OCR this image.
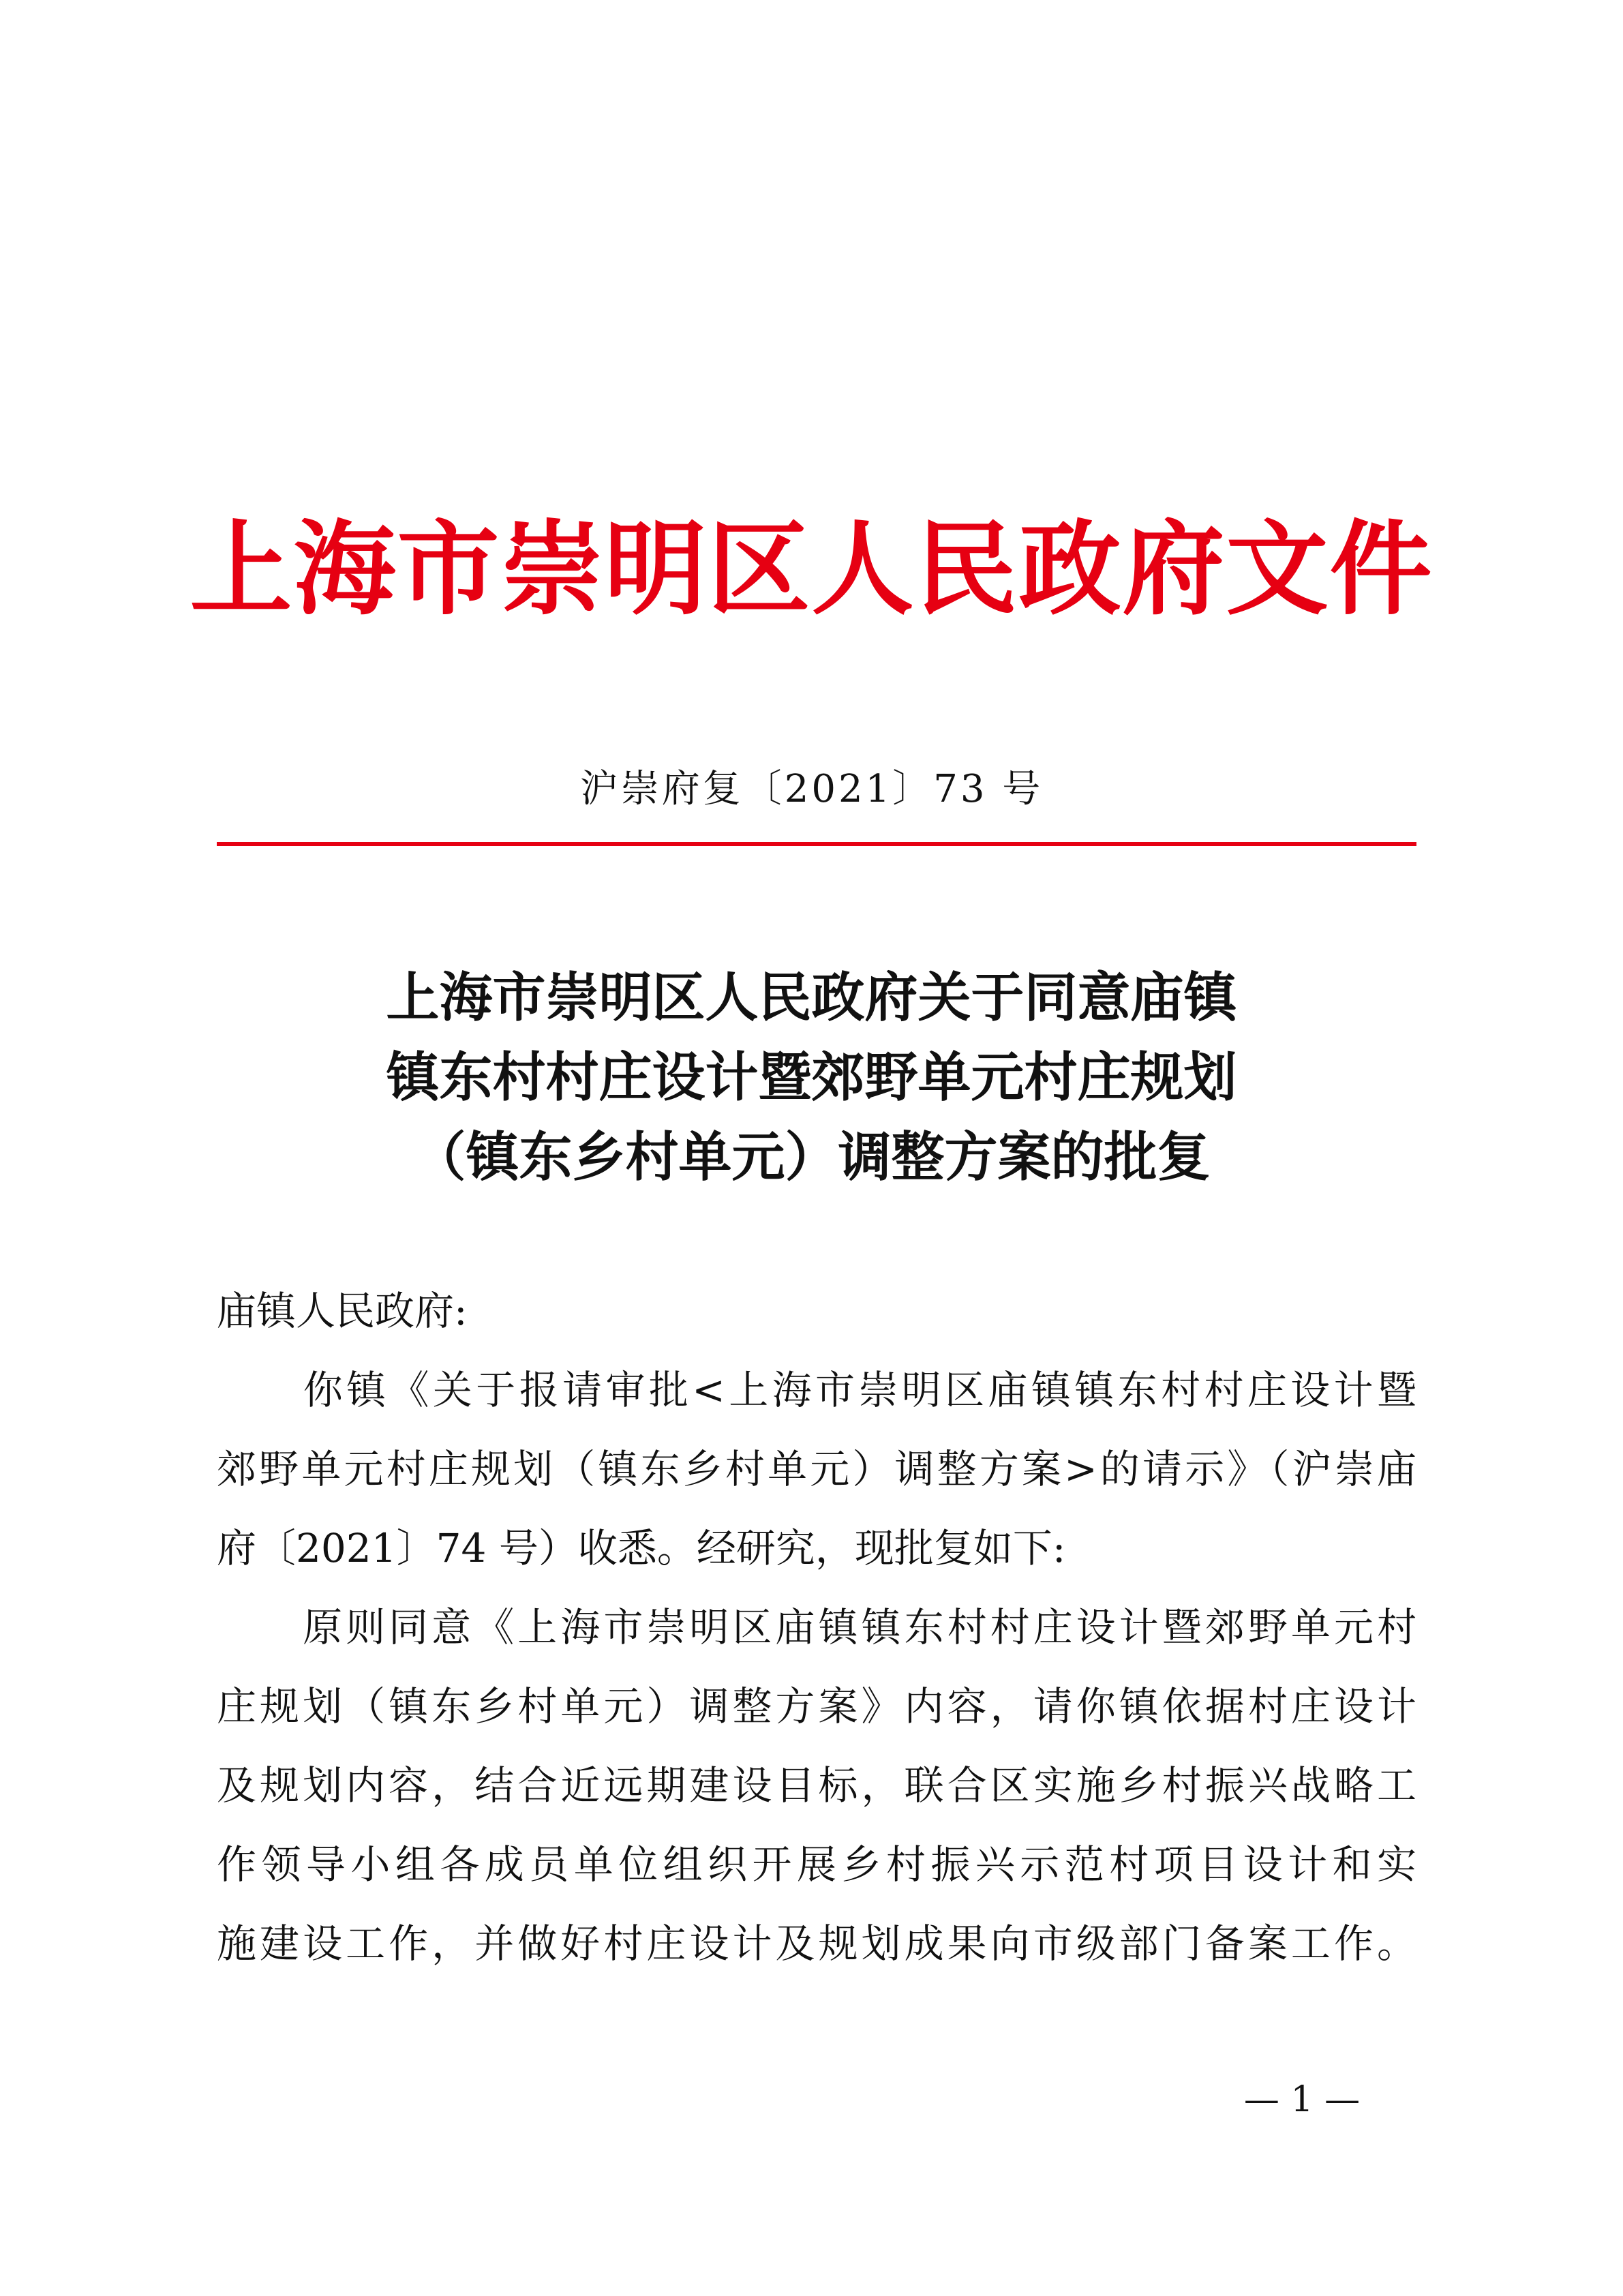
上海市崇明区人民政府文件
沪崇府复〔2021〕73 号
上海市崇明区人民政府关于同意庙镇
镇东村村庄设计暨郊野单元村庄规划
（镇东乡村单元）调整方案的批复
庙镇人民政府:
　　你镇《关于报请审批<上海市崇明区庙镇镇东村村庄设计暨
郊野单元村庄规划（镇东乡村单元）调整方案>的请示》（沪崇庙
府〔2021〕74 号）收悉。经研究，现批复如下:
　　原则同意《上海市崇明区庙镇镇东村村庄设计暨郊野单元村
庄规划（镇东乡村单元）调整方案》内容，请你镇依据村庄设计
及规划内容，结合近远期建设目标，联合区实施乡村振兴战略工
作领导小组各成员单位组织开展乡村振兴示范村项目设计和实
施建设工作，并做好村庄设计及规划成果向市级部门备案工作。
— 1 —
